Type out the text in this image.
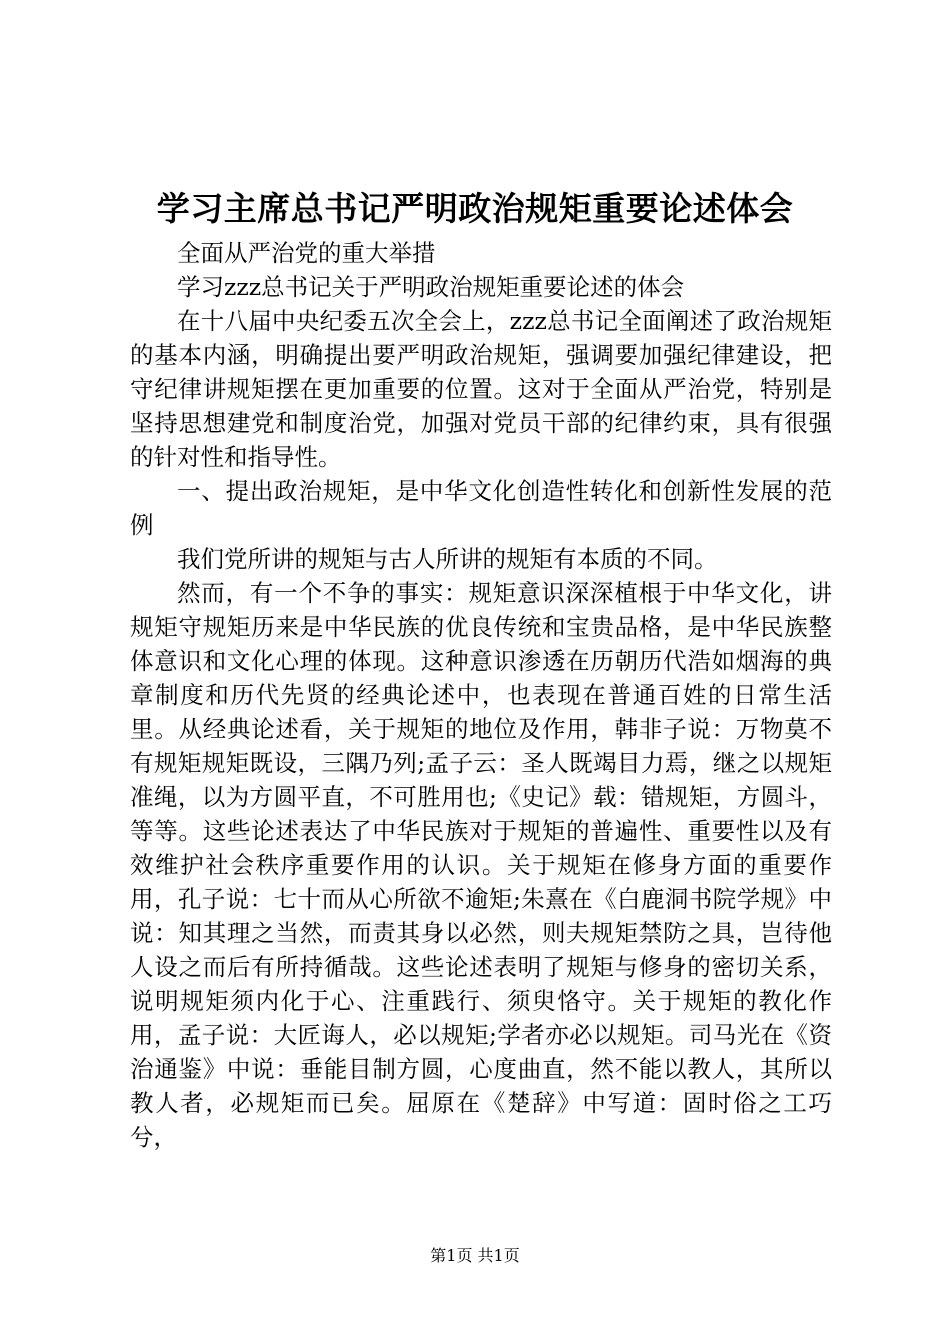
学习主席总书记严明政治规矩重要论述体会

全面从严治党的重大举措

学习zzz总书记关于严明政治规矩重要论述的体会

在十八届中央纪委五次全会上，zzz总书记全面阐述了政治规矩的基本内涵，明确提出要严明政治规矩，强调要加强纪律建设，把守纪律讲规矩摆在更加重要的位置。这对于全面从严治党，特别是坚持思想建党和制度治党，加强对党员干部的纪律约束，具有很强的针对性和指导性。

一、提出政治规矩，是中华文化创造性转化和创新性发展的范例

我们党所讲的规矩与古人所讲的规矩有本质的不同。

然而，有一个不争的事实：规矩意识深深植根于中华文化，讲规矩守规矩历来是中华民族的优良传统和宝贵品格，是中华民族整体意识和文化心理的体现。这种意识渗透在历朝历代浩如烟海的典章制度和历代先贤的经典论述中，也表现在普通百姓的日常生活里。从经典论述看，关于规矩的地位及作用，韩非子说：万物莫不有规矩规矩既设，三隅乃列;孟子云：圣人既竭目力焉，继之以规矩准绳，以为方圆平直，不可胜用也;《史记》载：错规矩，方圆斗，等等。这些论述表达了中华民族对于规矩的普遍性、重要性以及有效维护社会秩序重要作用的认识。关于规矩在修身方面的重要作用，孔子说：七十而从心所欲不逾矩;朱熹在《白鹿洞书院学规》中说：知其理之当然，而责其身以必然，则夫规矩禁防之具，岂待他人设之而后有所持循哉。这些论述表明了规矩与修身的密切关系，说明规矩须内化于心、注重践行、须臾恪守。关于规矩的教化作用，孟子说：大匠诲人，必以规矩;学者亦必以规矩。司马光在《资治通鉴》中说：垂能目制方圆，心度曲直，然不能以教人，其所以教人者，必规矩而已矣。屈原在《楚辞》中写道：固时俗之工巧兮，

第1页 共1页
